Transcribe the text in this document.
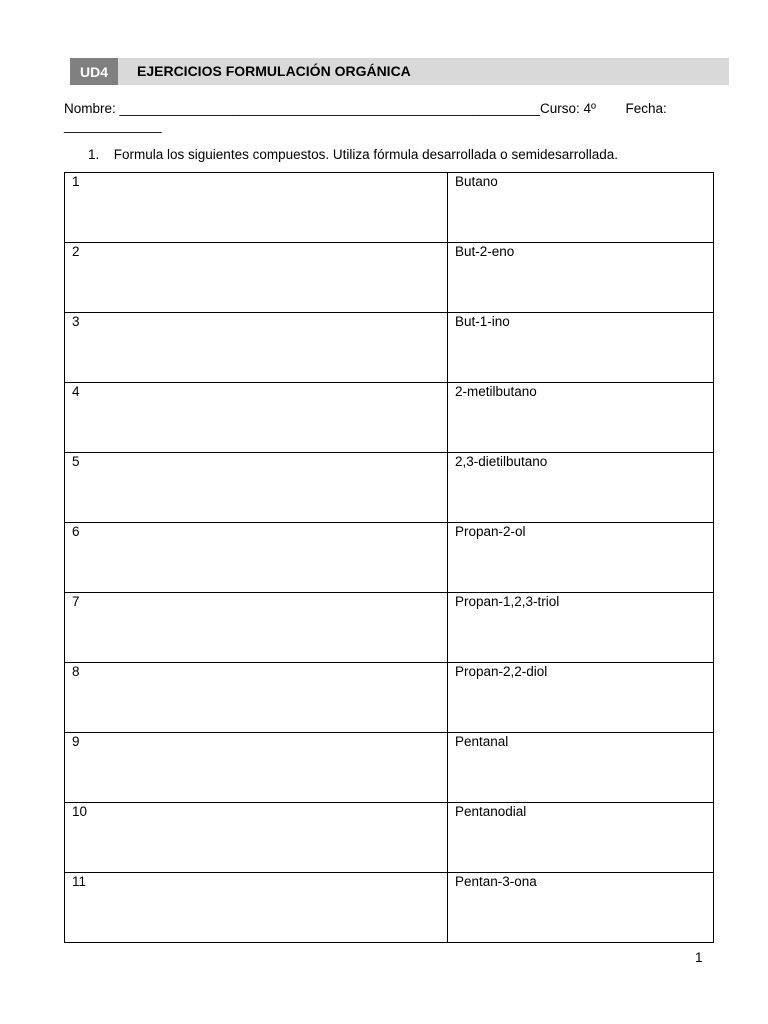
UD4	EJERCICIOS FORMULACIÓN ORGÁNICA
Nombre: ________________________________________________________Curso: 4º Fecha:
_____________
1. Formula los siguientes compuestos. Utiliza fórmula desarrollada o semidesarrollada.
1	Butano
2	But-2-eno
3	But-1-ino
4	2-metilbutano
5	2,3-dietilbutano
6	Propan-2-ol
7	Propan-1,2,3-triol
8	Propan-2,2-diol
9	Pentanal
10	Pentanodial
11	Pentan-3-ona
1
